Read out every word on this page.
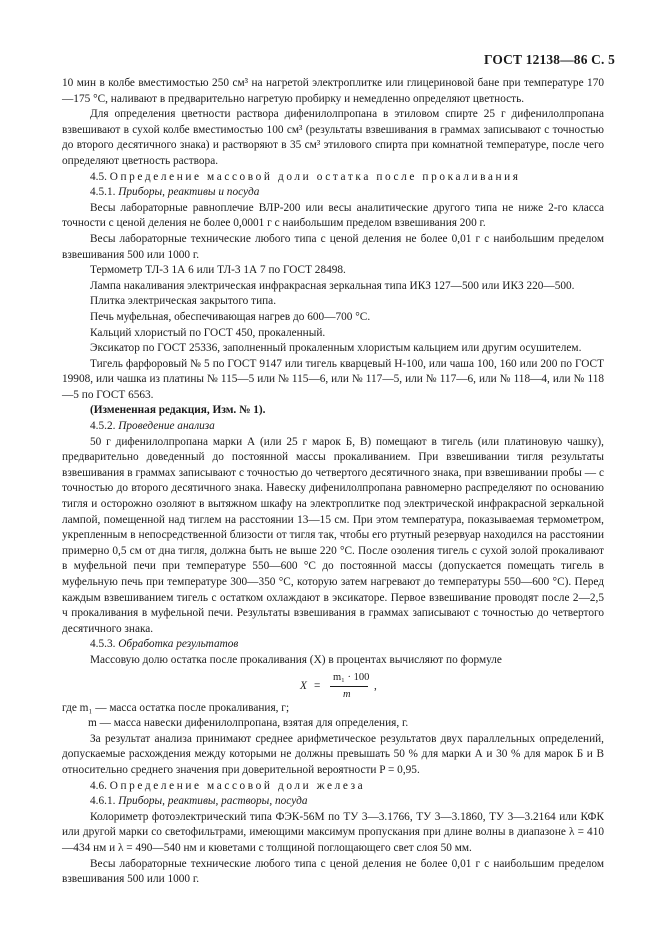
ГОСТ 12138—86 С. 5

10 мин в колбе вместимостью 250 см³ на нагретой электроплитке или глицериновой бане при температуре 170—175 °С, наливают в предварительно нагретую пробирку и немедленно определяют цветность.

Для определения цветности раствора дифенилолпропана в этиловом спирте 25 г дифенилолпропана взвешивают в сухой колбе вместимостью 100 см³ (результаты взвешивания в граммах записывают с точностью до второго десятичного знака) и растворяют в 35 см³ этилового спирта при комнатной температуре, после чего определяют цветность раствора.

4.5. Определение массовой доли остатка после прокаливания

4.5.1. Приборы, реактивы и посуда

Весы лабораторные равноплечие ВЛР-200 или весы аналитические другого типа не ниже 2-го класса точности с ценой деления не более 0,0001 г с наибольшим пределом взвешивания 200 г.

Весы лабораторные технические любого типа с ценой деления не более 0,01 г с наибольшим пределом взвешивания 500 или 1000 г.

Термометр ТЛ-3 1А 6 или ТЛ-3 1А 7 по ГОСТ 28498.

Лампа накаливания электрическая инфракрасная зеркальная типа ИКЗ 127—500 или ИКЗ 220—500.

Плитка электрическая закрытого типа.

Печь муфельная, обеспечивающая нагрев до 600—700 °С.

Кальций хлористый по ГОСТ 450, прокаленный.

Эксикатор по ГОСТ 25336, заполненный прокаленным хлористым кальцием или другим осушителем.

Тигель фарфоровый № 5 по ГОСТ 9147 или тигель кварцевый Н-100, или чаша 100, 160 или 200 по ГОСТ 19908, или чашка из платины № 115—5 или № 115—6, или № 117—5, или № 117—6, или № 118—4, или № 118—5 по ГОСТ 6563.

(Измененная редакция, Изм. № 1).

4.5.2. Проведение анализа

50 г дифенилолпропана марки А (или 25 г марок Б, В) помещают в тигель (или платиновую чашку), предварительно доведенный до постоянной массы прокаливанием. При взвешивании тигля результаты взвешивания в граммах записывают с точностью до четвертого десятичного знака, при взвешивании пробы — с точностью до второго десятичного знака. Навеску дифенилолпропана равномерно распределяют по основанию тигля и осторожно озоляют в вытяжном шкафу на электроплитке под электрической инфракрасной зеркальной лампой, помещенной над тиглем на расстоянии 13—15 см. При этом температура, показываемая термометром, укрепленным в непосредственной близости от тигля так, чтобы его ртутный резервуар находился на расстоянии примерно 0,5 см от дна тигля, должна быть не выше 220 °С. После озоления тигель с сухой золой прокаливают в муфельной печи при температуре 550—600 °С до постоянной массы (допускается помещать тигель в муфельную печь при температуре 300—350 °С, которую затем нагревают до температуры 550—600 °С). Перед каждым взвешиванием тигель с остатком охлаждают в эксикаторе. Первое взвешивание проводят после 2—2,5 ч прокаливания в муфельной печи. Результаты взвешивания в граммах записывают с точностью до четвертого десятичного знака.

4.5.3. Обработка результатов

Массовую долю остатка после прокаливания (X) в процентах вычисляют по формуле

X =
m₁ · 100
m
,

где m₁ — масса остатка после прокаливания, г;

m — масса навески дифенилолпропана, взятая для определения, г.

За результат анализа принимают среднее арифметическое результатов двух параллельных определений, допускаемые расхождения между которыми не должны превышать 50 % для марки А и 30 % для марок Б и В относительно среднего значения при доверительной вероятности P = 0,95.

4.6. Определение массовой доли железа

4.6.1. Приборы, реактивы, растворы, посуда

Колориметр фотоэлектрический типа ФЭК-56М по ТУ 3—3.1766, ТУ 3—3.1860, ТУ 3—3.2164 или КФК или другой марки со светофильтрами, имеющими максимум пропускания при длине волны в диапазоне λ = 410—434 нм и λ = 490—540 нм и кюветами с толщиной поглощающего свет слоя 50 мм.

Весы лабораторные технические любого типа с ценой деления не более 0,01 г с наибольшим пределом взвешивания 500 или 1000 г.
